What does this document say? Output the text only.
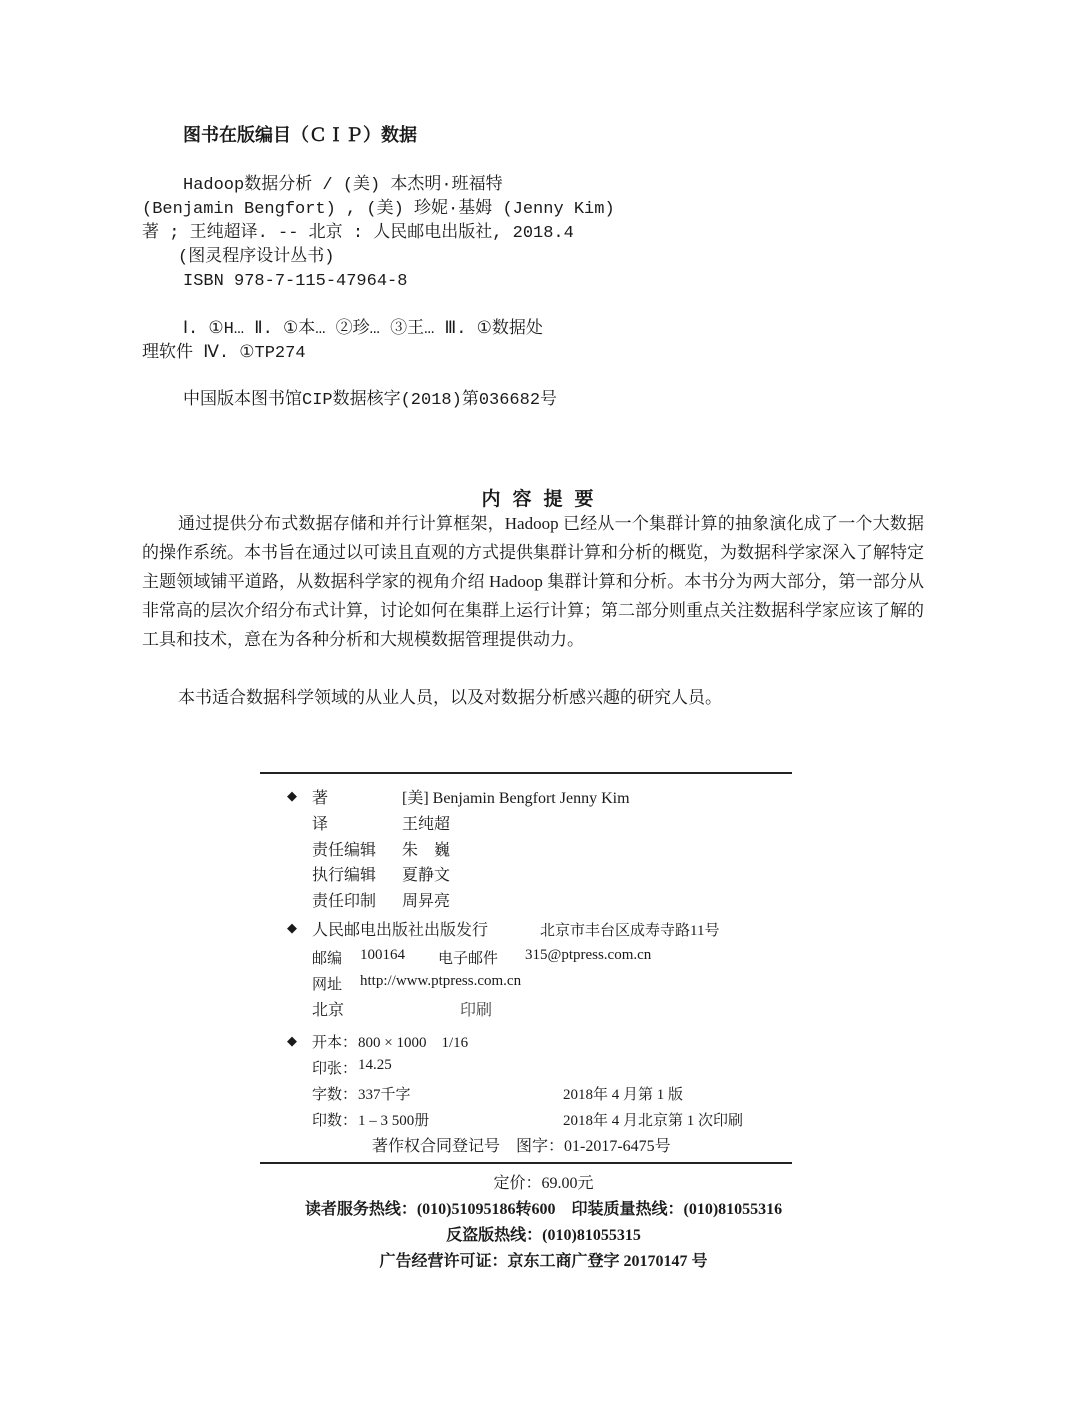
图书在版编目（ＣＩＰ）数据
Hadoop数据分析 / (美) 本杰明·班福特
(Benjamin Bengfort) , (美) 珍妮·基姆 (Jenny Kim)
著 ; 王纯超译. -- 北京 : 人民邮电出版社, 2018.4
(图灵程序设计丛书)
ISBN 978-7-115-47964-8
Ⅰ. ①H… Ⅱ. ①本… ②珍… ③王… Ⅲ. ①数据处
理软件 Ⅳ. ①TP274
中国版本图书馆CIP数据核字(2018)第036682号
内容提要

通过提供分布式数据存储和并行计算框架，Hadoop 已经从一个集群计算的抽象演化成了一个大数据的操作系统。本书旨在通过以可读且直观的方式提供集群计算和分析的概览，为数据科学家深入了解特定主题领域铺平道路，从数据科学家的视角介绍 Hadoop 集群计算和分析。本书分为两大部分，第一部分从非常高的层次介绍分布式计算，讨论如何在集群上运行计算；第二部分则重点关注数据科学家应该了解的工具和技术，意在为各种分析和大规模数据管理提供动力。

本书适合数据科学领域的从业人员，以及对数据分析感兴趣的研究人员。

◆ 著	[美] Benjamin Bengfort Jenny Kim
译	王纯超
责任编辑 朱　巍
执行编辑 夏静文
责任印制 周昇亮
◆ 人民邮电出版社出版发行	北京市丰台区成寿寺路11号
邮编 100164 电子邮件 315@ptpress.com.cn
网址 http://www.ptpress.com.cn
北京	印刷
◆ 开本： 800 × 1000　1/16
印张： 14.25
字数： 337千字	2018年 4 月第 1 版
印数： 1 – 3 500册	2018年 4 月北京第 1 次印刷
著作权合同登记号　图字：01-2017-6475号
定价：69.00元
读者服务热线：(010)51095186转600　印装质量热线：(010)81055316
反盗版热线：(010)81055315
广告经营许可证：京东工商广登字 20170147 号
